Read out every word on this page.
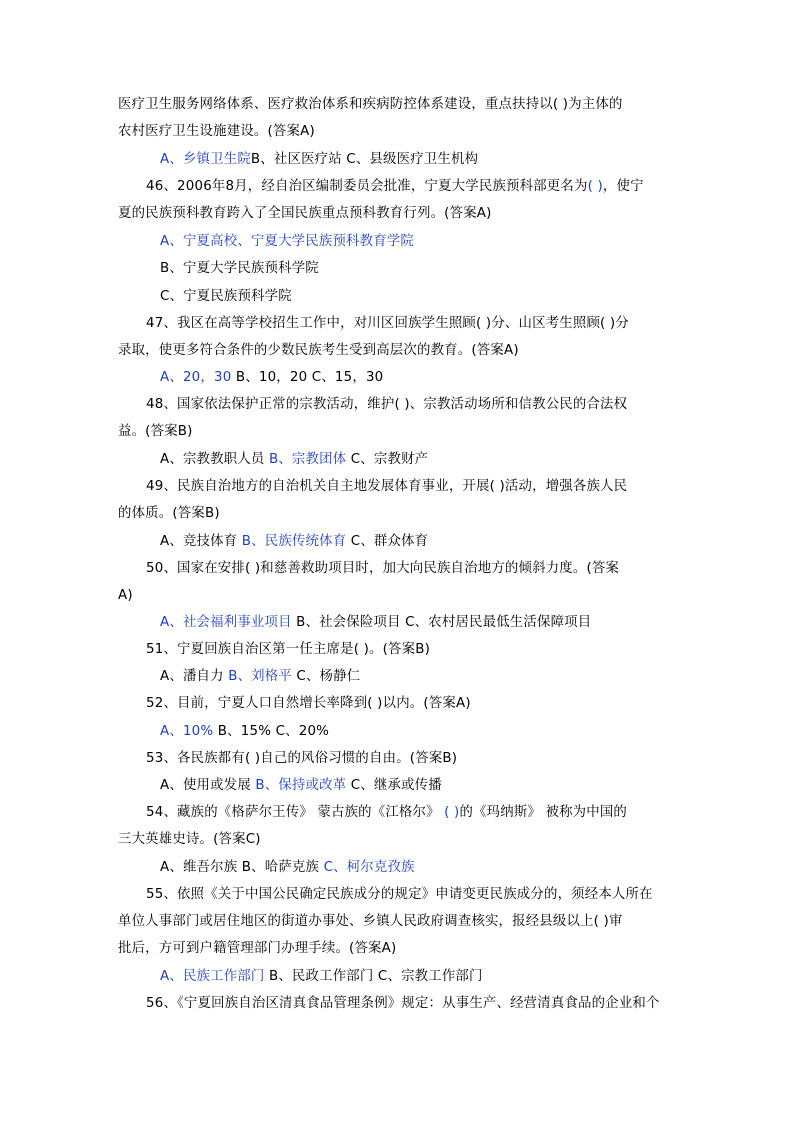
医疗卫生服务网络体系、医疗救治体系和疾病防控体系建设，重点扶持以( )为主体的
农村医疗卫生设施建设。(答案A)
A、乡镇卫生院B、社区医疗站 C、县级医疗卫生机构
46、2006年8月，经自治区编制委员会批准，宁夏大学民族预科部更名为( )，使宁
夏的民族预科教育跨入了全国民族重点预科教育行列。(答案A)
A、宁夏高校、宁夏大学民族预科教育学院
B、宁夏大学民族预科学院
C、宁夏民族预科学院
47、我区在高等学校招生工作中，对川区回族学生照顾( )分、山区考生照顾( )分
录取，使更多符合条件的少数民族考生受到高层次的教育。(答案A)
A、20，30 B、10，20 C、15，30
48、国家依法保护正常的宗教活动，维护( )、宗教活动场所和信教公民的合法权
益。(答案B)
A、宗教教职人员 B、宗教团体 C、宗教财产
49、民族自治地方的自治机关自主地发展体育事业，开展( )活动，增强各族人民
的体质。(答案B)
A、竞技体育 B、民族传统体育 C、群众体育
50、国家在安排( )和慈善救助项目时，加大向民族自治地方的倾斜力度。(答案
A)
A、社会福利事业项目 B、社会保险项目 C、农村居民最低生活保障项目
51、宁夏回族自治区第一任主席是( )。(答案B)
A、潘自力 B、刘格平 C、杨静仁
52、目前，宁夏人口自然增长率降到( )以内。(答案A)
A、10% B、15% C、20%
53、各民族都有( )自己的风俗习惯的自由。(答案B)
A、使用或发展 B、保持或改革 C、继承或传播
54、藏族的《格萨尔王传》 蒙古族的《江格尔》 ( )的《玛纳斯》 被称为中国的
三大英雄史诗。(答案C)
A、维吾尔族 B、哈萨克族 C、柯尔克孜族
55、依照《关于中国公民确定民族成分的规定》申请变更民族成分的，须经本人所在
单位人事部门或居住地区的街道办事处、乡镇人民政府调查核实，报经县级以上( )审
批后，方可到户籍管理部门办理手续。(答案A)
A、民族工作部门 B、民政工作部门 C、宗教工作部门
56、《宁夏回族自治区清真食品管理条例》规定：从事生产、经营清真食品的企业和个
